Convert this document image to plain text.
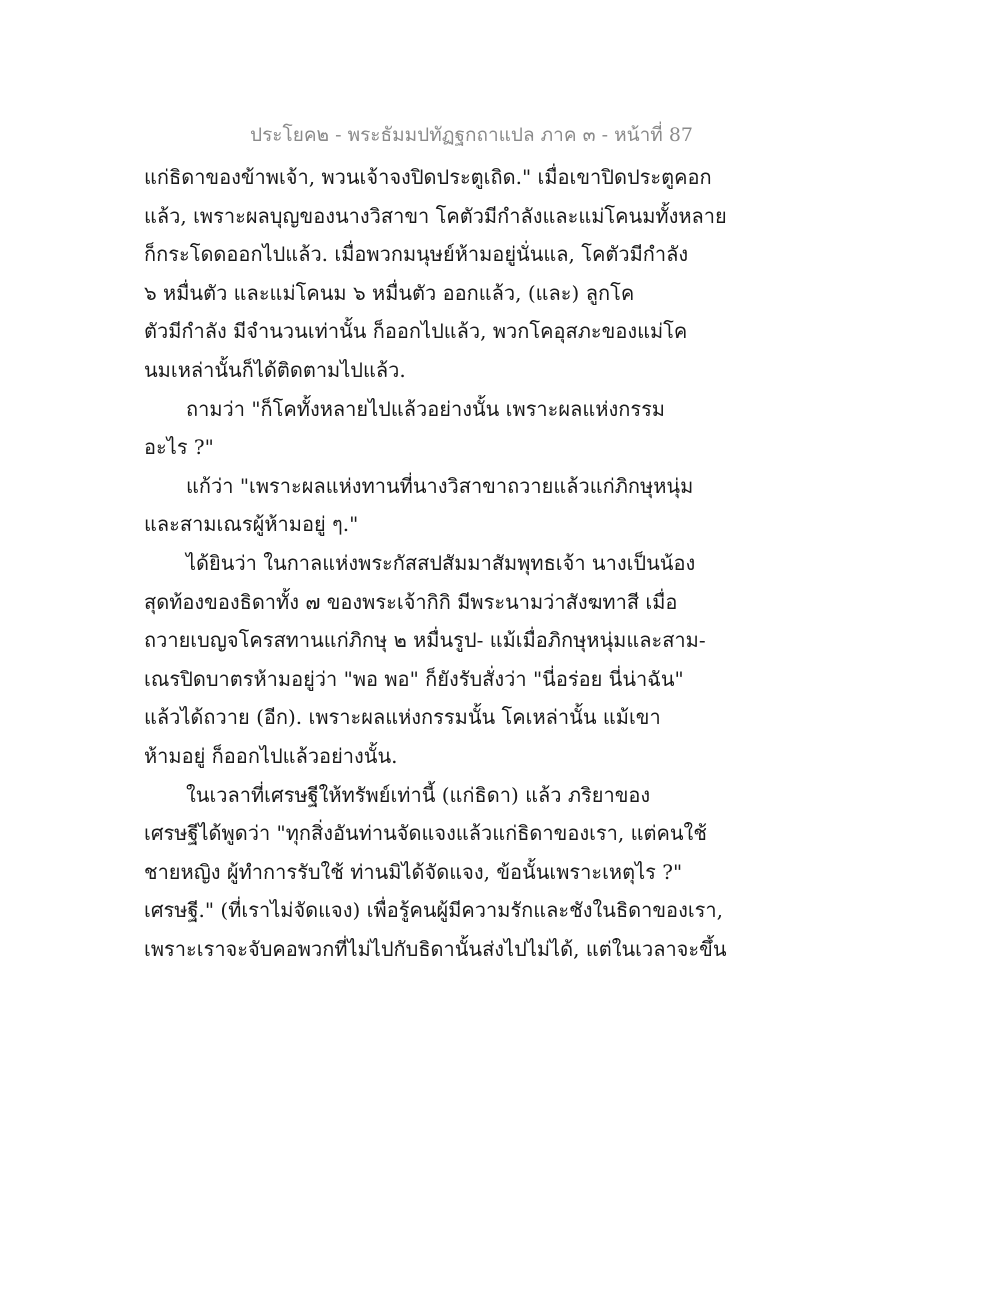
ประโยค๒ - พระธัมมปทัฏฐกถาแปล ภาค ๓ - หน้าที่ 87
แก่ธิดาของข้าพเจ้า, พวนเจ้าจงปิดประตูเถิด." เมื่อเขาปิดประตูคอก
แล้ว, เพราะผลบุญของนางวิสาขา โคตัวมีกำลังและแม่โคนมทั้งหลาย
ก็กระโดดออกไปแล้ว. เมื่อพวกมนุษย์ห้ามอยู่นั่นแล, โคตัวมีกำลัง
๖ หมื่นตัว และแม่โคนม ๖ หมื่นตัว ออกแล้ว, (และ) ลูกโค
ตัวมีกำลัง มีจำนวนเท่านั้น ก็ออกไปแล้ว, พวกโคอุสภะของแม่โค
นมเหล่านั้นก็ได้ติดตามไปแล้ว.
ถามว่า "ก็โคทั้งหลายไปแล้วอย่างนั้น เพราะผลแห่งกรรม
อะไร ?"
แก้ว่า "เพราะผลแห่งทานที่นางวิสาขาถวายแล้วแก่ภิกษุหนุ่ม
และสามเณรผู้ห้ามอยู่ ๆ."
ได้ยินว่า ในกาลแห่งพระกัสสปสัมมาสัมพุทธเจ้า นางเป็นน้อง
สุดท้องของธิดาทั้ง ๗ ของพระเจ้ากิกิ มีพระนามว่าสังฆทาสี เมื่อ
ถวายเบญจโครสทานแก่ภิกษุ ๒ หมื่นรูป- แม้เมื่อภิกษุหนุ่มและสาม-
เณรปิดบาตรห้ามอยู่ว่า "พอ พอ" ก็ยังรับสั่งว่า "นี่อร่อย นี่น่าฉัน"
แล้วได้ถวาย (อีก). เพราะผลแห่งกรรมนั้น โคเหล่านั้น แม้เขา
ห้ามอยู่ ก็ออกไปแล้วอย่างนั้น.
ในเวลาที่เศรษฐีให้ทรัพย์เท่านี้ (แก่ธิดา) แล้ว ภริยาของ
เศรษฐีได้พูดว่า "ทุกสิ่งอันท่านจัดแจงแล้วแก่ธิดาของเรา, แต่คนใช้
ชายหญิง ผู้ทำการรับใช้ ท่านมิได้จัดแจง, ข้อนั้นเพราะเหตุไร ?"
เศรษฐี." (ที่เราไม่จัดแจง) เพื่อรู้คนผู้มีความรักและชังในธิดาของเรา,
เพราะเราจะจับคอพวกที่ไม่ไปกับธิดานั้นส่งไปไม่ได้, แต่ในเวลาจะขึ้น
